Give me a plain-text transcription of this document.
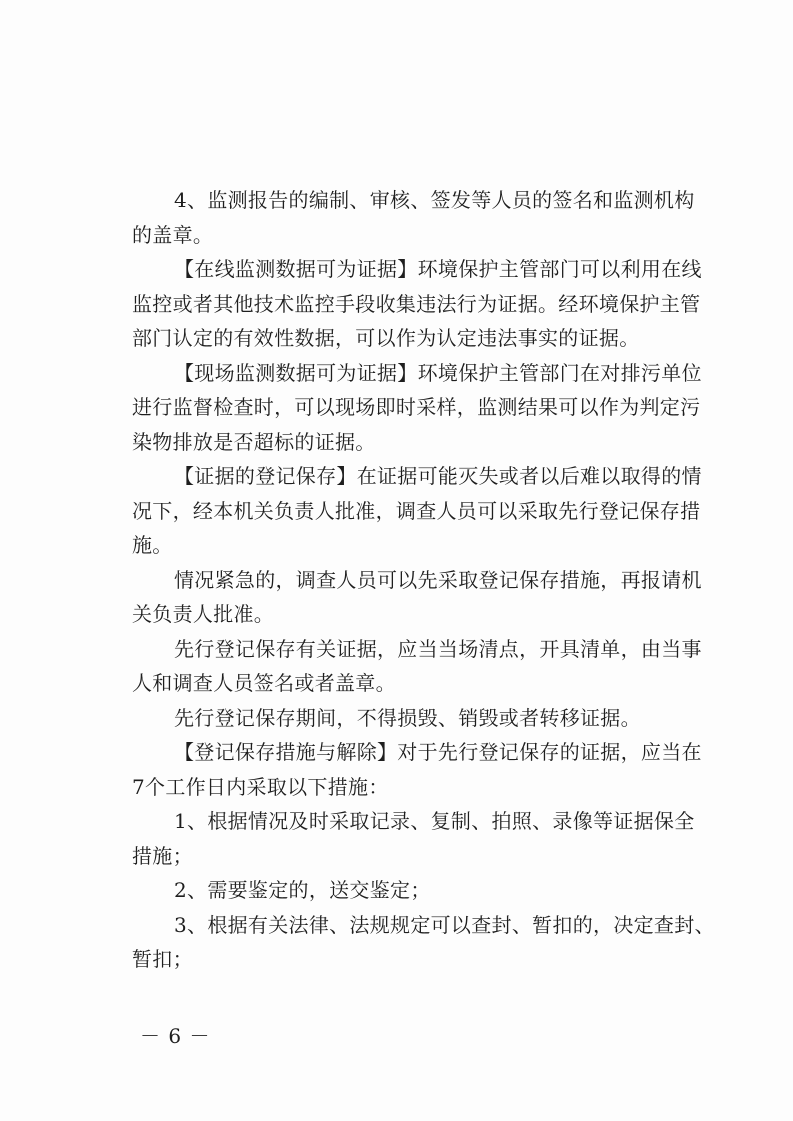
4、监测报告的编制、审核、签发等人员的签名和监测机构
的盖章。

【在线监测数据可为证据】环境保护主管部门可以利用在线
监控或者其他技术监控手段收集违法行为证据。经环境保护主管
部门认定的有效性数据，可以作为认定违法事实的证据。

【现场监测数据可为证据】环境保护主管部门在对排污单位
进行监督检查时，可以现场即时采样，监测结果可以作为判定污
染物排放是否超标的证据。

【证据的登记保存】在证据可能灭失或者以后难以取得的情
况下，经本机关负责人批准，调查人员可以采取先行登记保存措
施。

情况紧急的，调查人员可以先采取登记保存措施，再报请机
关负责人批准。

先行登记保存有关证据，应当当场清点，开具清单，由当事
人和调查人员签名或者盖章。

先行登记保存期间，不得损毁、销毁或者转移证据。

【登记保存措施与解除】对于先行登记保存的证据，应当在
7个工作日内采取以下措施：

1、根据情况及时采取记录、复制、拍照、录像等证据保全
措施；

2、需要鉴定的，送交鉴定；

3、根据有关法律、法规规定可以查封、暂扣的，决定查封、
暂扣；

－ 6 －
